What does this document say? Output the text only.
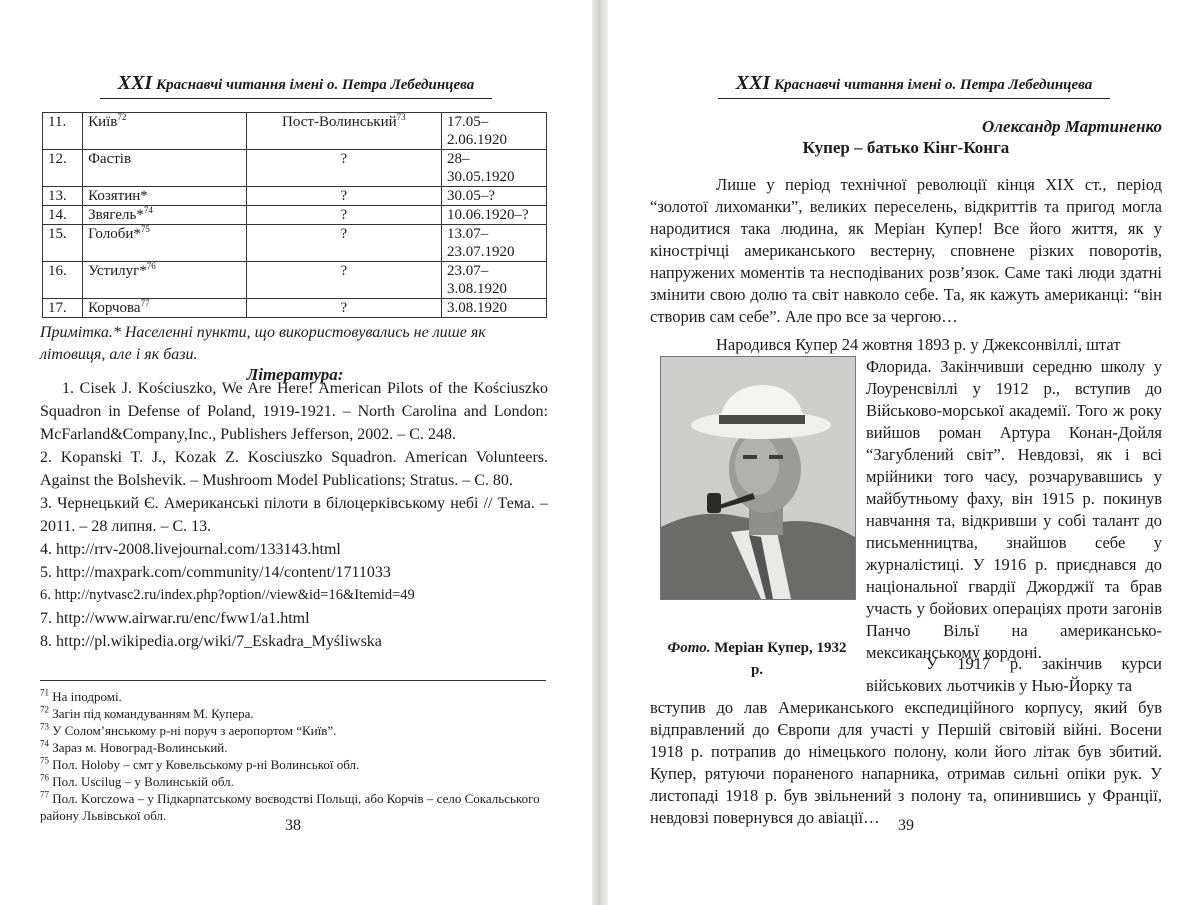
XXI Краснавчі читання імені о. Петра Лебединцева
11.	Київ$^{72}$	Пост-Волинський$^{73}$	17.05–
2.06.1920
12.	Фастів	?	28–
30.05.1920
13.	Козятин*	?	30.05–?
14.	Звягель*$^{74}$	?	10.06.1920–?
15.	Голоби*$^{75}$	?	13.07–
23.07.1920
16.	Устилуг*$^{76}$	?	23.07–
3.08.1920
17.	Корчова$^{77}$	?	3.08.1920
Примітка.* Населенні пункти, що використовувались не лише як літовиця, але і як бази.
Література:

1. Cisek J. Kościuszko, We Are Here! American Pilots of the Kościuszko Squadron in Defense of Poland, 1919-1921. – North Carolina and London: McFarland&Company,Inc., Publishers Jefferson, 2002. – С. 248.

2. Kopanski T. J., Kozak Z. Kosciuszko Squadron. American Volunteers. Against the Bolshevik. – Mushroom Model Publications; Stratus. – С. 80.

3. Чернецький Є. Американські пілоти в білоцерківському небі // Тема. – 2011. – 28 липня. – С. 13.

4. http://rrv-2008.livejournal.com/133143.html

5. http://maxpark.com/community/14/content/1711033

6. http://nytvasc2.ru/index.php?option//view&id=16&Itemid=49

7. http://www.airwar.ru/enc/fww1/a1.html

8. http://pl.wikipedia.org/wiki/7_Eskadra_Myśliwska

$^{71}$ На іподромі.

$^{72}$ Загін під командуванням М. Купера.

$^{73}$ У Солом’янському р-ні поруч з аеропортом “Київ”.

$^{74}$ Зараз м. Новоград-Волинський.

$^{75}$ Пол. Holoby – смт у Ковельському р-ні Волинської обл.

$^{76}$ Пол. Uscilug – у Волинській обл.

$^{77}$ Пол. Korczowa – у Підкарпатському воєводстві Польщі, або Корчів – село Сокальського району Львівської обл.

38
XXI Краснавчі читання імені о. Петра Лебединцева
Олександр Мартиненко
Купер – батько Кінг-Конга

Лише у період технічної революції кінця XIX ст., період “золотої лихоманки”, великих переселень, відкриттів та пригод могла народитися така людина, як Меріан Купер! Все його життя, як у кінострічці американського вестерну, сповнене різких поворотів, напружених моментів та несподіваних розв’язок. Саме такі люди здатні змінити свою долю та світ навколо себе. Та, як кажуть американці: “він створив сам себе”. Але про все за чергою…

Народився Купер 24 жовтня 1893 р. у Джексонвіллі, штат

Флорида. Закінчивши середню школу у Лоуренсвіллі у 1912 р., вступив до Військово-морської академії. Того ж року вийшов роман Артура Конан-Дойля “Загублений світ”. Невдовзі, як і всі мрійники того часу, розчарувавшись у майбутньому фаху, він 1915 р. покинув навчання та, відкривши у собі талант до письменництва, знайшов себе у журналістиці. У 1916 р. приєднався до національної гвардії Джорджії та брав участь у бойових операціях проти загонів Панчо Вільї на американсько-мексиканському кордоні.

У 1917 р. закінчив курси військових льотчиків у Нью-Йорку та

вступив до лав Американського експедиційного корпусу, який був відправлений до Європи для участі у Першій світовій війні. Восени 1918 р. потрапив до німецького полону, коли його літак був збитий. Купер, рятуючи пораненого напарника, отримав сильні опіки рук. У листопаді 1918 р. був звільнений з полону та, опинившись у Франції, невдовзі повернувся до авіації…

Фото. Меріан Купер, 1932 р.
39
